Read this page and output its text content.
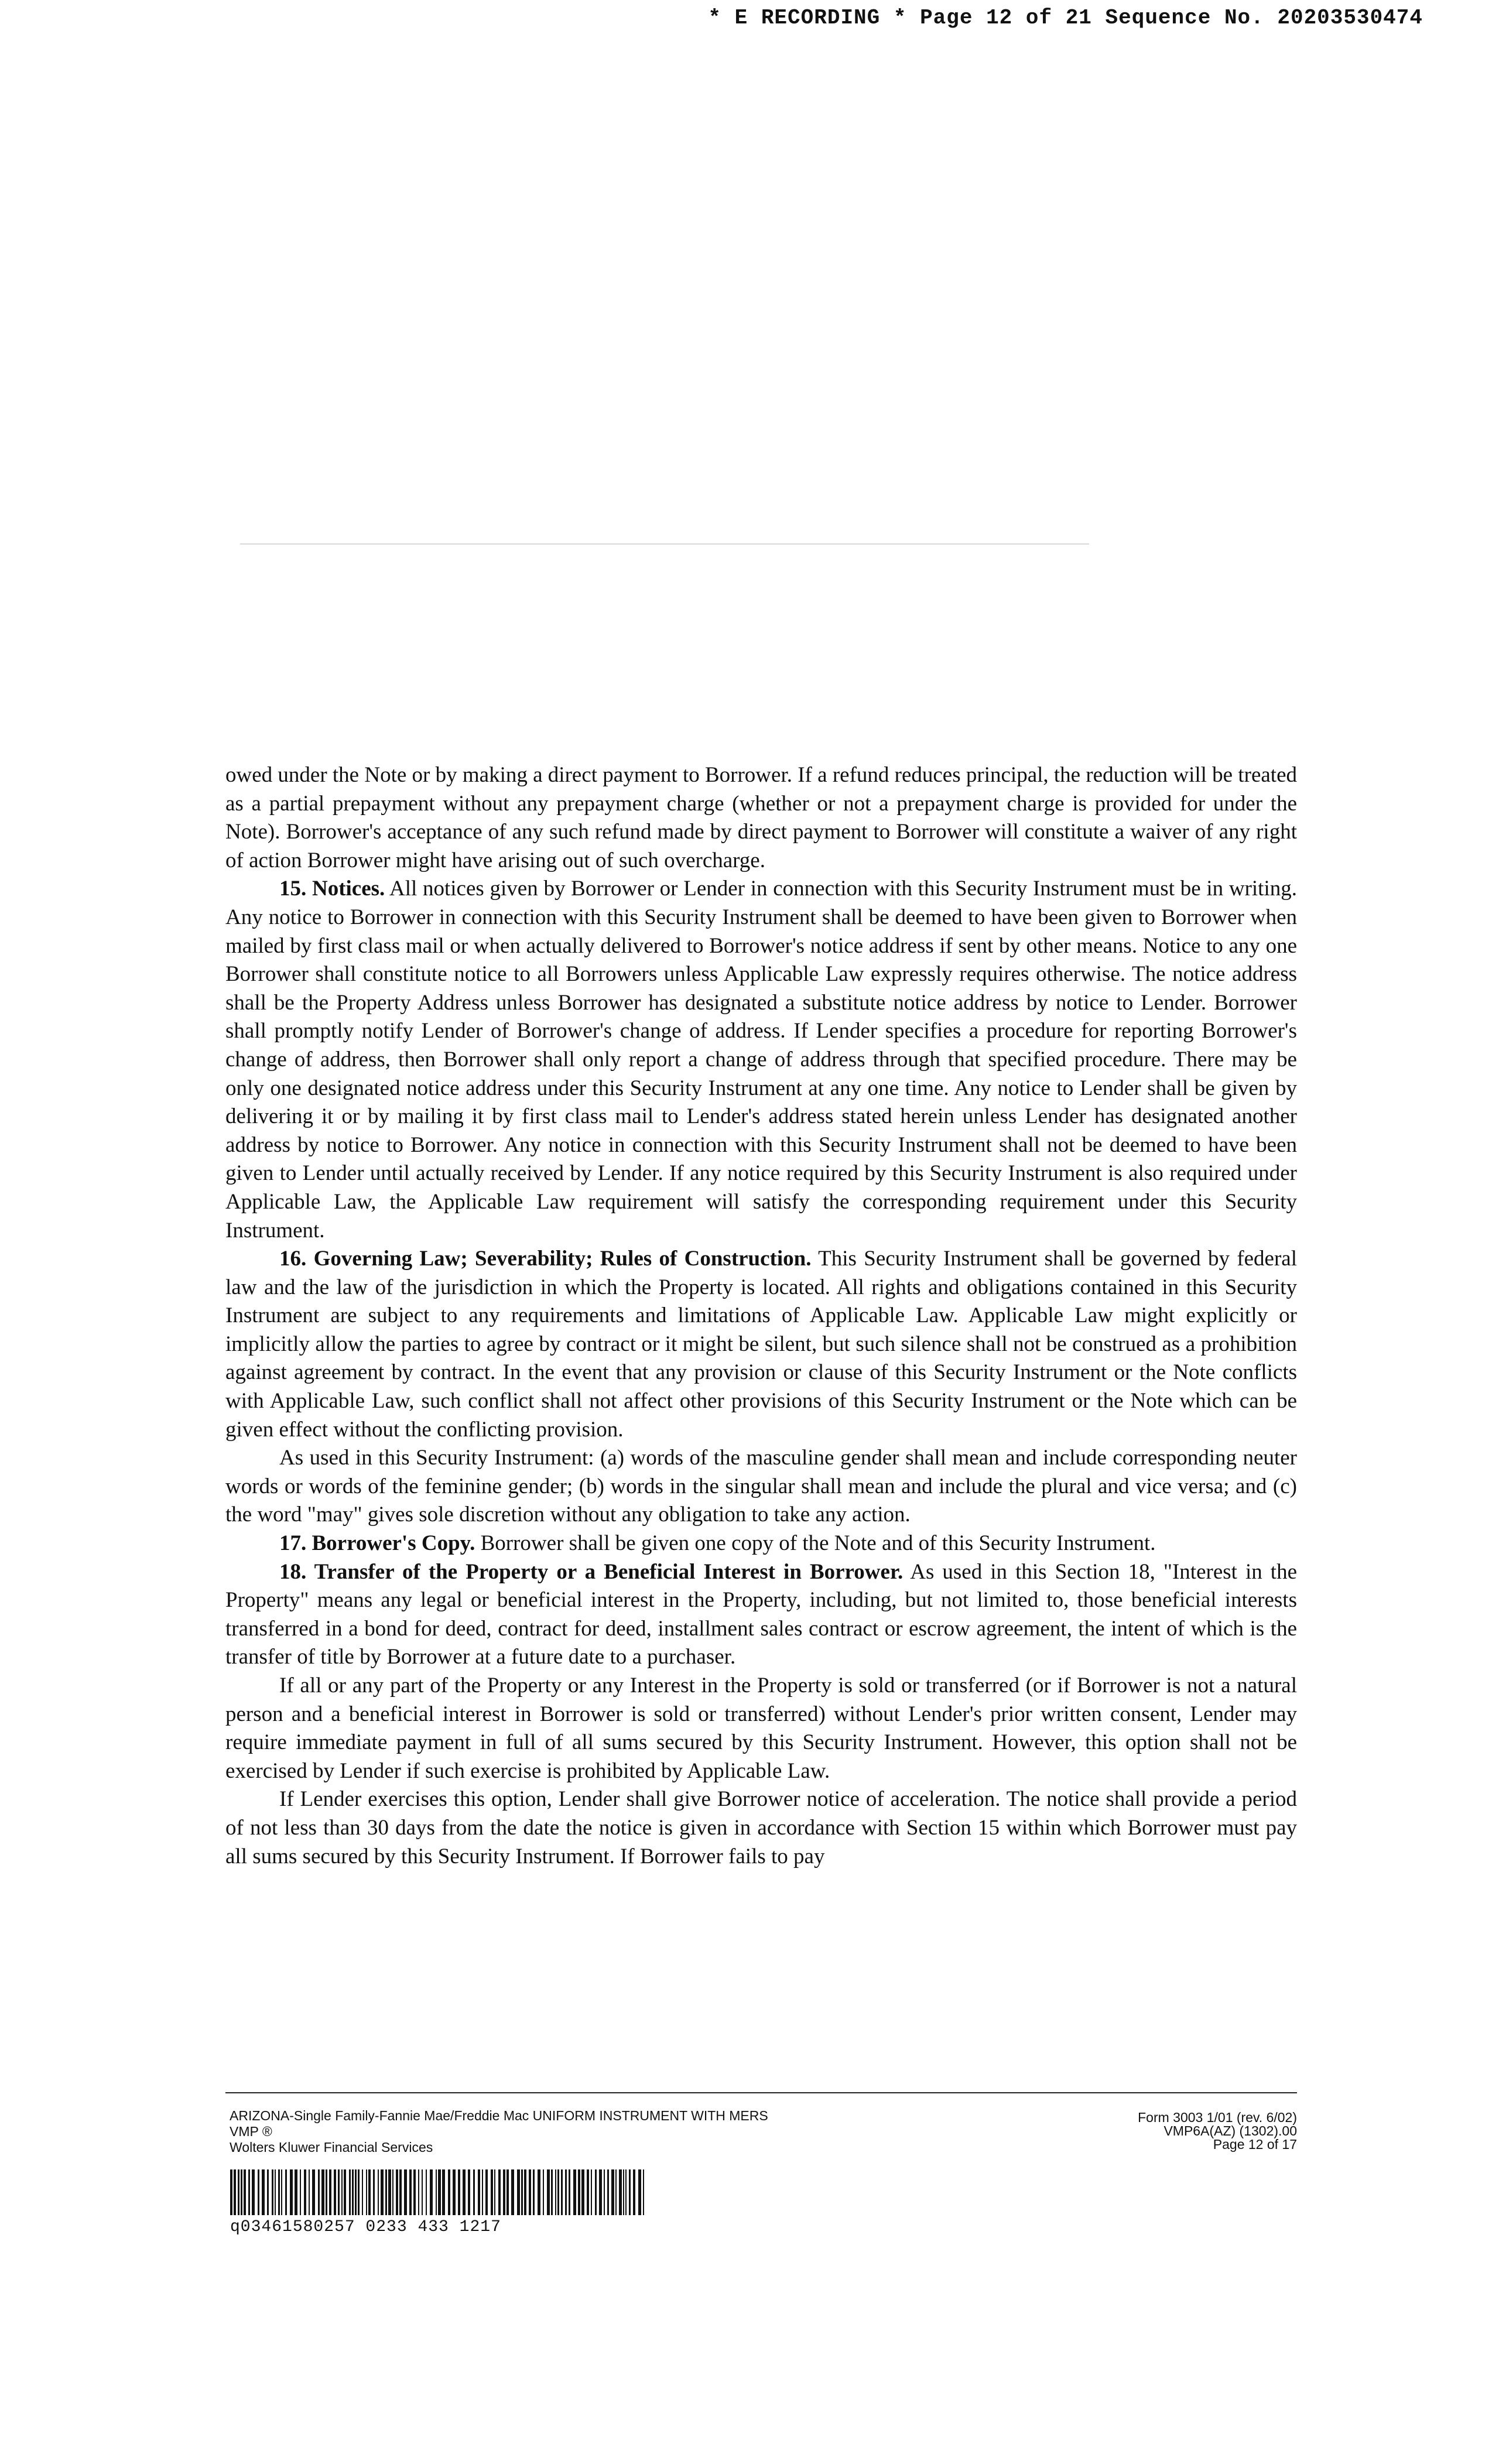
* E RECORDING * Page 12 of 21 Sequence No. 20203530474

owed under the Note or by making a direct payment to Borrower. If a refund reduces principal, the reduction will be treated as a partial prepayment without any prepayment charge (whether or not a prepayment charge is provided for under the Note). Borrower's acceptance of any such refund made by direct payment to Borrower will constitute a waiver of any right of action Borrower might have arising out of such overcharge.

15. Notices. All notices given by Borrower or Lender in connection with this Security Instrument must be in writing. Any notice to Borrower in connection with this Security Instrument shall be deemed to have been given to Borrower when mailed by first class mail or when actually delivered to Borrower's notice address if sent by other means. Notice to any one Borrower shall constitute notice to all Borrowers unless Applicable Law expressly requires otherwise. The notice address shall be the Property Address unless Borrower has designated a substitute notice address by notice to Lender. Borrower shall promptly notify Lender of Borrower's change of address. If Lender specifies a procedure for reporting Borrower's change of address, then Borrower shall only report a change of address through that specified procedure. There may be only one designated notice address under this Security Instrument at any one time. Any notice to Lender shall be given by delivering it or by mailing it by first class mail to Lender's address stated herein unless Lender has designated another address by notice to Borrower. Any notice in connection with this Security Instrument shall not be deemed to have been given to Lender until actually received by Lender. If any notice required by this Security Instrument is also required under Applicable Law, the Applicable Law requirement will satisfy the corresponding requirement under this Security Instrument.

16. Governing Law; Severability; Rules of Construction. This Security Instrument shall be governed by federal law and the law of the jurisdiction in which the Property is located. All rights and obligations contained in this Security Instrument are subject to any requirements and limitations of Applicable Law. Applicable Law might explicitly or implicitly allow the parties to agree by contract or it might be silent, but such silence shall not be construed as a prohibition against agreement by contract. In the event that any provision or clause of this Security Instrument or the Note conflicts with Applicable Law, such conflict shall not affect other provisions of this Security Instrument or the Note which can be given effect without the conflicting provision.

As used in this Security Instrument: (a) words of the masculine gender shall mean and include corresponding neuter words or words of the feminine gender; (b) words in the singular shall mean and include the plural and vice versa; and (c) the word "may" gives sole discretion without any obligation to take any action.

17. Borrower's Copy. Borrower shall be given one copy of the Note and of this Security Instrument.

18. Transfer of the Property or a Beneficial Interest in Borrower. As used in this Section 18, "Interest in the Property" means any legal or beneficial interest in the Property, including, but not limited to, those beneficial interests transferred in a bond for deed, contract for deed, installment sales contract or escrow agreement, the intent of which is the transfer of title by Borrower at a future date to a purchaser.

If all or any part of the Property or any Interest in the Property is sold or transferred (or if Borrower is not a natural person and a beneficial interest in Borrower is sold or transferred) without Lender's prior written consent, Lender may require immediate payment in full of all sums secured by this Security Instrument. However, this option shall not be exercised by Lender if such exercise is prohibited by Applicable Law.

If Lender exercises this option, Lender shall give Borrower notice of acceleration. The notice shall provide a period of not less than 30 days from the date the notice is given in accordance with Section 15 within which Borrower must pay all sums secured by this Security Instrument. If Borrower fails to pay

ARIZONA-Single Family-Fannie Mae/Freddie Mac UNIFORM INSTRUMENT WITH MERS
VMP ®
Wolters Kluwer Financial Services
Form 3003 1/01 (rev. 6/02)
VMP6A(AZ) (1302).00
Page 12 of 17
q03461580257 0233 433 1217
